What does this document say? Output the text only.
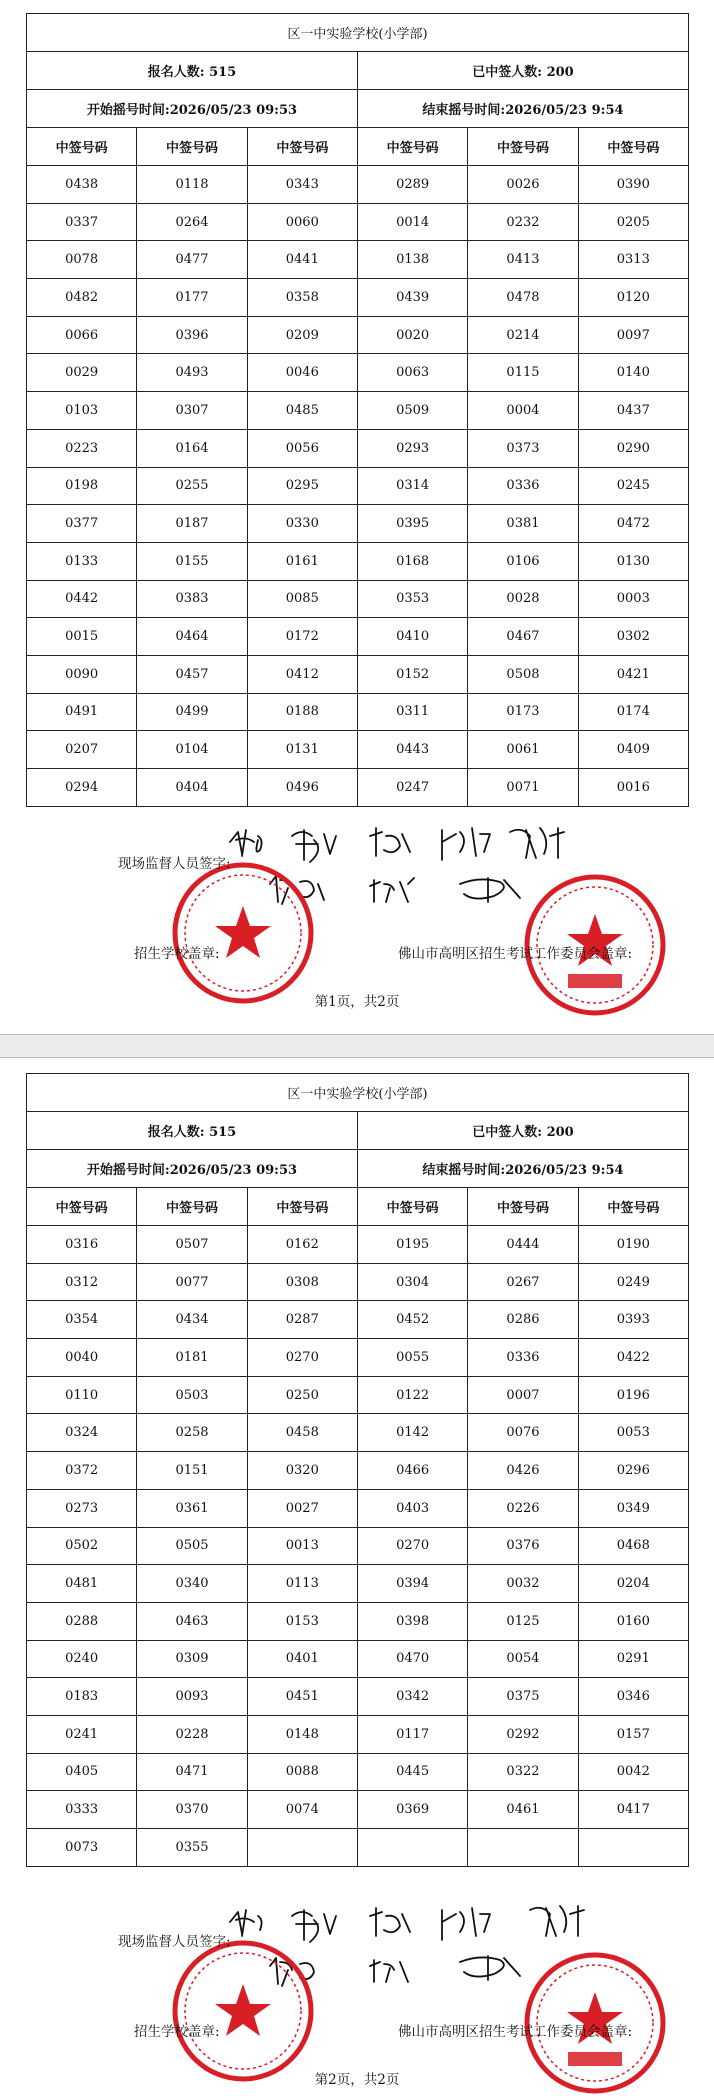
区一中实验学校(小学部)					
报名人数: 515			已中签人数: 200		
开始摇号时间:2026/05/23 09:53			结束摇号时间:2026/05/23 9:54		
中签号码	中签号码	中签号码	中签号码	中签号码	中签号码
0438	0118	0343	0289	0026	0390
0337	0264	0060	0014	0232	0205
0078	0477	0441	0138	0413	0313
0482	0177	0358	0439	0478	0120
0066	0396	0209	0020	0214	0097
0029	0493	0046	0063	0115	0140
0103	0307	0485	0509	0004	0437
0223	0164	0056	0293	0373	0290
0198	0255	0295	0314	0336	0245
0377	0187	0330	0395	0381	0472
0133	0155	0161	0168	0106	0130
0442	0383	0085	0353	0028	0003
0015	0464	0172	0410	0467	0302
0090	0457	0412	0152	0508	0421
0491	0499	0188	0311	0173	0174
0207	0104	0131	0443	0061	0409
0294	0404	0496	0247	0071	0016
现场监督人员签字:
招生学校盖章:	佛山市高明区招生考试工作委员会盖章:
第1页，共2页
区一中实验学校(小学部)					
报名人数: 515			已中签人数: 200		
开始摇号时间:2026/05/23 09:53			结束摇号时间:2026/05/23 9:54		
中签号码	中签号码	中签号码	中签号码	中签号码	中签号码
0316	0507	0162	0195	0444	0190
0312	0077	0308	0304	0267	0249
0354	0434	0287	0452	0286	0393
0040	0181	0270	0055	0336	0422
0110	0503	0250	0122	0007	0196
0324	0258	0458	0142	0076	0053
0372	0151	0320	0466	0426	0296
0273	0361	0027	0403	0226	0349
0502	0505	0013	0270	0376	0468
0481	0340	0113	0394	0032	0204
0288	0463	0153	0398	0125	0160
0240	0309	0401	0470	0054	0291
0183	0093	0451	0342	0375	0346
0241	0228	0148	0117	0292	0157
0405	0471	0088	0445	0322	0042
0333	0370	0074	0369	0461	0417
0073	0355				
现场监督人员签字:
招生学校盖章:	佛山市高明区招生考试工作委员会盖章:
第2页，共2页
